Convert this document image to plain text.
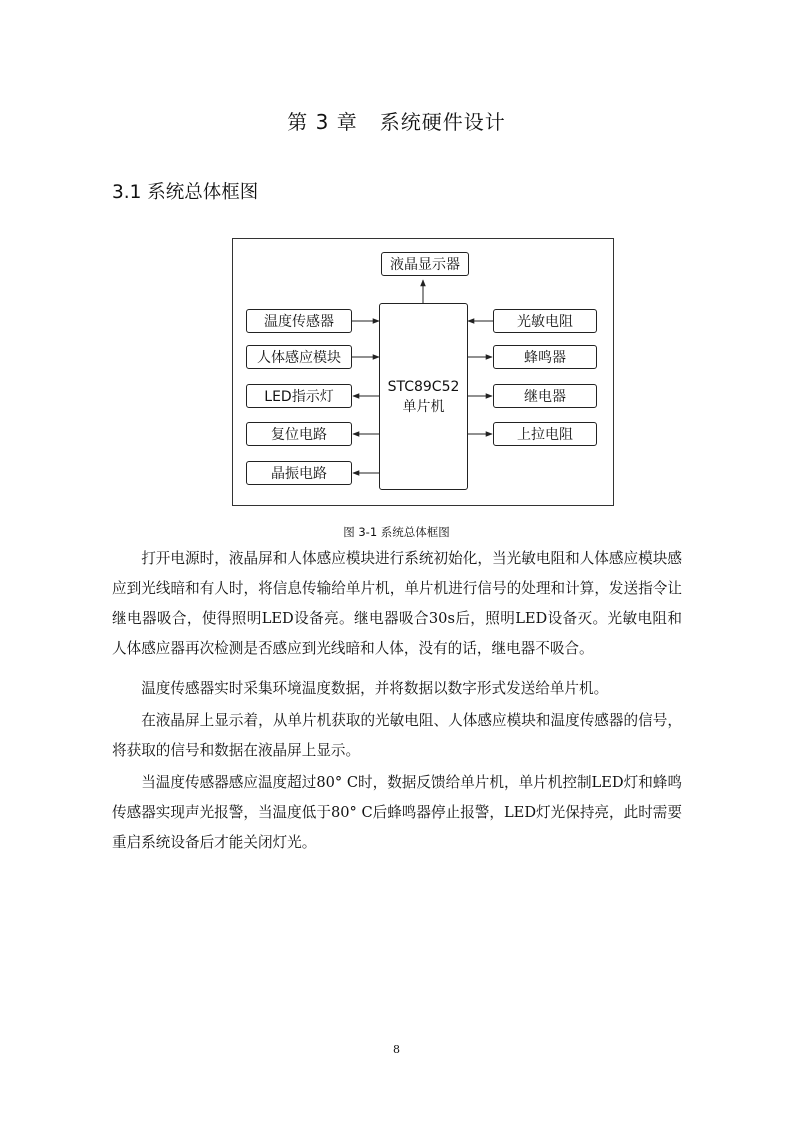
第 3 章 系统硬件设计
3.1 系统总体框图
液晶显示器
STC89C52
单片机
温度传感器
人体感应模块
LED指示灯
复位电路
晶振电路
光敏电阻
蜂鸣器
继电器
上拉电阻
图 3-1 系统总体框图

打开电源时，液晶屏和人体感应模块进行系统初始化，当光敏电阻和人体感应模块感应到光线暗和有人时，将信息传输给单片机，单片机进行信号的处理和计算，发送指令让继电器吸合，使得照明LED设备亮。继电器吸合30s后，照明LED设备灭。光敏电阻和人体感应器再次检测是否感应到光线暗和人体，没有的话，继电器不吸合。

温度传感器实时采集环境温度数据，并将数据以数字形式发送给单片机。

在液晶屏上显示着，从单片机获取的光敏电阻、人体感应模块和温度传感器的信号，将获取的信号和数据在液晶屏上显示。

当温度传感器感应温度超过80° C时，数据反馈给单片机，单片机控制LED灯和蜂鸣传感器实现声光报警，当温度低于80° C后蜂鸣器停止报警，LED灯光保持亮，此时需要重启系统设备后才能关闭灯光。

8
